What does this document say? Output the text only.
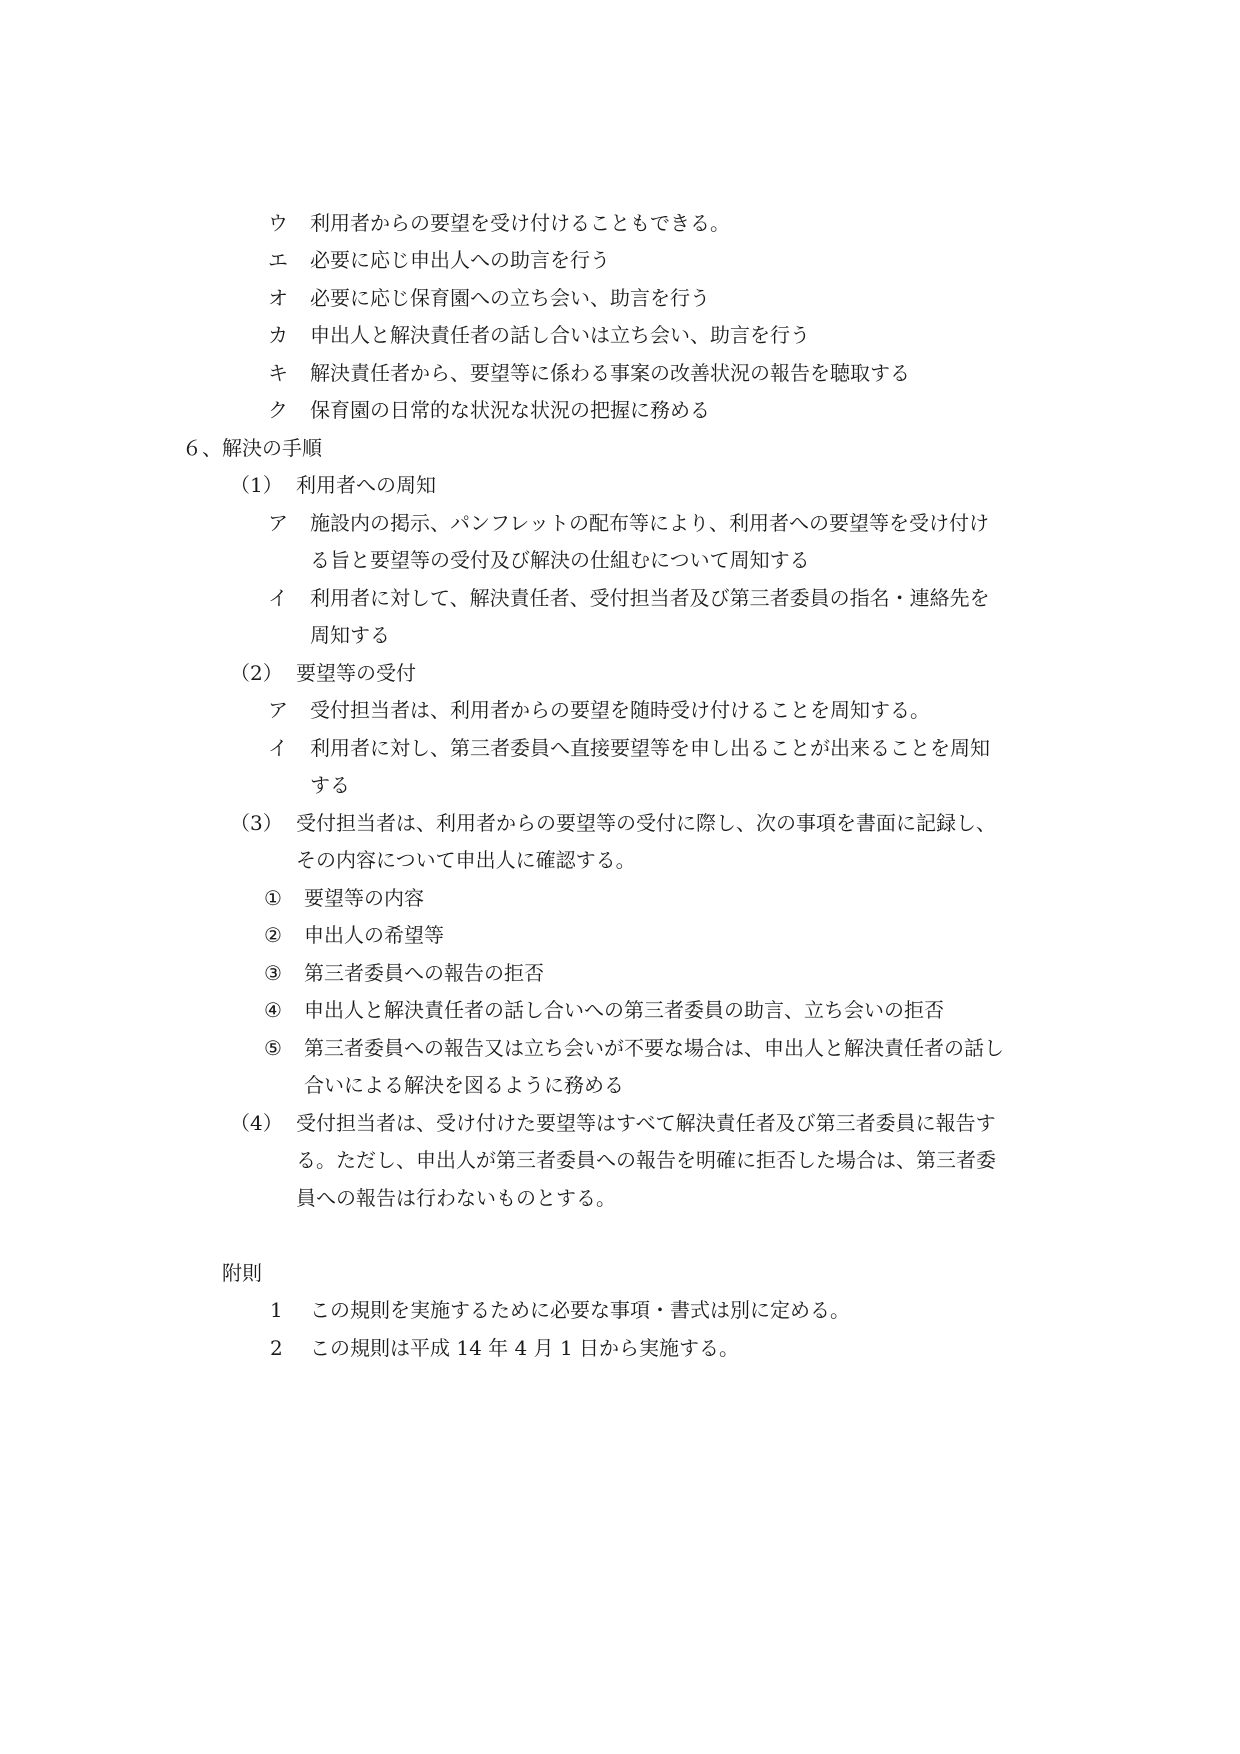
ウ 利用者からの要望を受け付けることもできる。
エ 必要に応じ申出人への助言を行う
オ 必要に応じ保育園への立ち会い、助言を行う
カ 申出人と解決責任者の話し合いは立ち会い、助言を行う
キ 解決責任者から、要望等に係わる事案の改善状況の報告を聴取する
ク 保育園の日常的な状況な状況の把握に務める
６、解決の手順
（1） 利用者への周知
ア 施設内の掲示、パンフレットの配布等により、利用者への要望等を受け付け
る旨と要望等の受付及び解決の仕組むについて周知する
イ 利用者に対して、解決責任者、受付担当者及び第三者委員の指名・連絡先を
周知する
（2） 要望等の受付
ア 受付担当者は、利用者からの要望を随時受け付けることを周知する。
イ 利用者に対し、第三者委員へ直接要望等を申し出ることが出来ることを周知
する
（3） 受付担当者は、利用者からの要望等の受付に際し、次の事項を書面に記録し、
その内容について申出人に確認する。
① 要望等の内容
② 申出人の希望等
③ 第三者委員への報告の拒否
④ 申出人と解決責任者の話し合いへの第三者委員の助言、立ち会いの拒否
⑤ 第三者委員への報告又は立ち会いが不要な場合は、申出人と解決責任者の話し
合いによる解決を図るように務める
（4） 受付担当者は、受け付けた要望等はすべて解決責任者及び第三者委員に報告す
る。ただし、申出人が第三者委員への報告を明確に拒否した場合は、第三者委
員への報告は行わないものとする。
附則
1 この規則を実施するために必要な事項・書式は別に定める。
2 この規則は平成 14 年 4 月 1 日から実施する。
